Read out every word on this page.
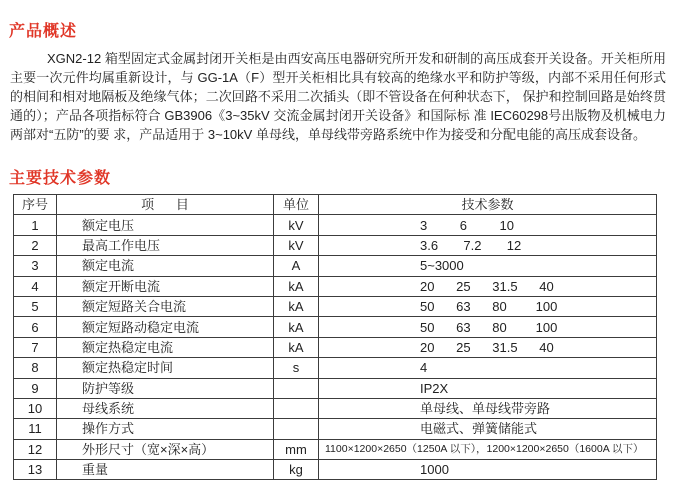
产品概述

XGN2-12 箱型固定式金属封闭开关柜是由西安高压电器研究所开发和研制的高压成套开关设备。开关柜所用主要一次元件均属重新设计，与 GG-1A（F）型开关柜相比具有较高的绝缘水平和防护等级，内部不采用任何形式的相间和相对地隔板及绝缘气体；二次回路不采用二次插头（即不管设备在何种状态下， 保护和控制回路是始终贯通的）；产品各项指标符合 GB3906《3~35kV 交流金属封闭开关设备》和国际标 准 IEC60298号出版物及机械电力两部对“五防”的要 求，产品适用于 3~10kV 单母线，单母线带旁路系统中作为接受和分配电能的高压成套设备。

主要技术参数
序号	项      目	单位	技术参数
1	额定电压	kV	3         6         10
2	最高工作电压	kV	3.6       7.2       12
3	额定电流	A	5~3000
4	额定开断电流	kA	20      25      31.5      40
5	额定短路关合电流	kA	50      63      80        100
6	额定短路动稳定电流	kA	50      63      80        100
7	额定热稳定电流	kA	20      25      31.5      40
8	额定热稳定时间	s	4
9	防护等级		IP2X
10	母线系统		单母线、单母线带旁路
11	操作方式		电磁式、弹簧储能式
12	外形尺寸（宽×深×高）	mm	1100×1200×2650（1250A 以下），1200×1200×2650（1600A 以下）
13	重量	kg	1000
